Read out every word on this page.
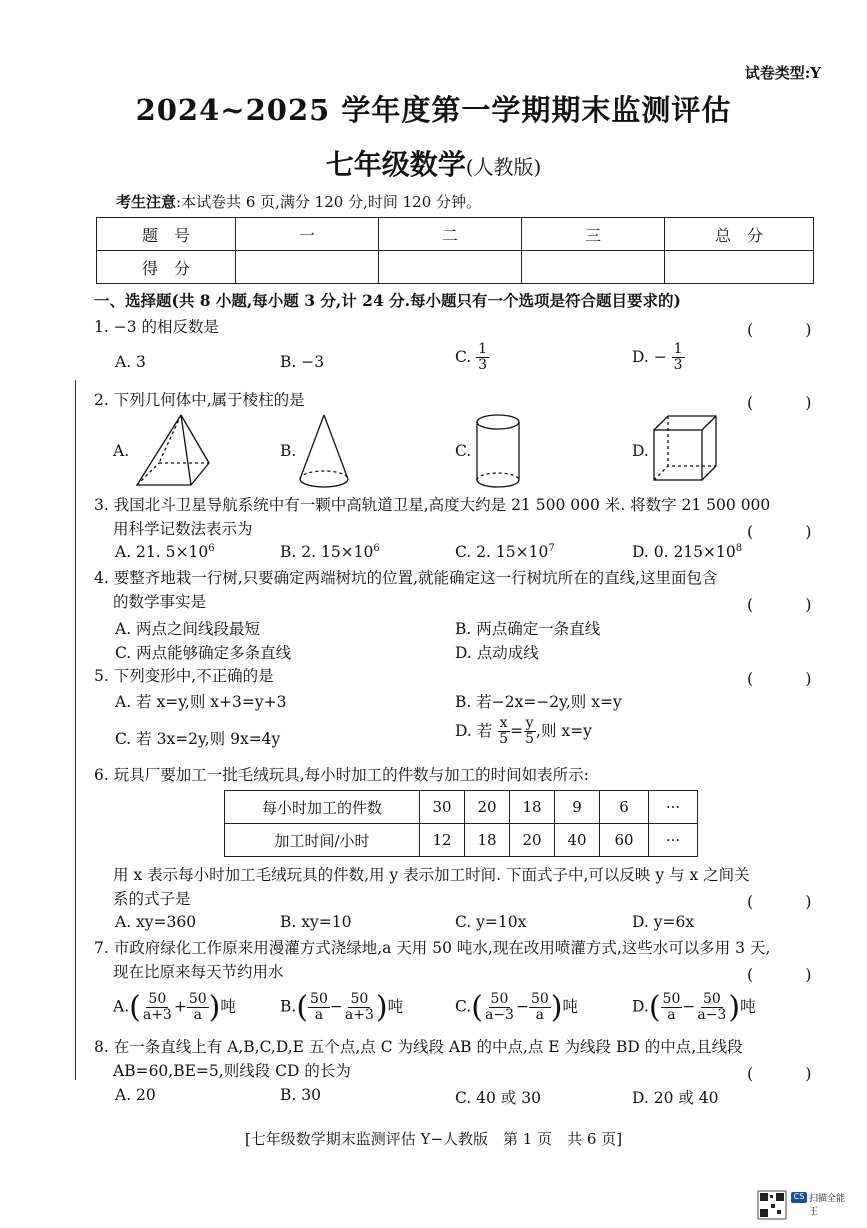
试卷类型:Y
2024~2025 学年度第一学期期末监测评估
七年级数学(人教版)
考生注意:本试卷共 6 页,满分 120 分,时间 120 分钟。
题　号	一	二	三	总　分
得　分				
一、选择题(共 8 小题,每小题 3 分,计 24 分.每小题只有一个选项是符合题目要求的)
1. −3 的相反数是	(　)
A. 3	B. −3	C. $\frac{1}{3}$	D. − $\frac{1}{3}$
2. 下列几何体中,属于棱柱的是	(　)
A.	B.	C.	D.
3. 我国北斗卫星导航系统中有一颗中高轨道卫星,高度大约是 21 500 000 米. 将数字 21 500 000
用科学记数法表示为	(　)
A. 21. $5\times 10^6$	B. 2. $15\times 10^6$	C. 2. $15\times 10^7$	D. 0. $215\times 10^8$
4. 要整齐地栽一行树,只要确定两端树坑的位置,就能确定这一行树坑所在的直线,这里面包含
的数学事实是	(　)
A. 两点之间线段最短	B. 两点确定一条直线
C. 两点能够确定多条直线	D. 点动成线
5. 下列变形中,不正确的是	(　)
A. 若 x=y,则 x+3=y+3	B. 若−2x=−2y,则 x=y
C. 若 3x=2y,则 9x=4y	D. 若 $\frac{x}{5} = \frac{y}{5}$ ,则 x=y
6. 玩具厂要加工一批毛绒玩具,每小时加工的件数与加工的时间如表所示:
每小时加工的件数	30	20	18	9	6	···
加工时间/小时	12	18	20	40	60	···
用 x 表示每小时加工毛绒玩具的件数,用 y 表示加工时间. 下面式子中,可以反映 y 与 x 之间关
系的式子是	(　)
A. xy=360	B. xy=10	C. y=10x	D. y=6x
7. 市政府绿化工作原来用漫灌方式浇绿地,a 天用 50 吨水,现在改用喷灌方式,这些水可以多用 3 天,
现在比原来每天节约用水	(　)
$A.( \frac{50}{a+3} + \frac{50}{a}$ )吨	$B.( \frac{50}{a} - \frac{50}{a+3}$ )吨	$C.( \frac{50}{a-3} - \frac{50}{a}$ )吨	$D.( \frac{50}{a} - \frac{50}{a-3}$ )吨
8. 在一条直线上有 A,B,C,D,E 五个点,点 C 为线段 AB 的中点,点 E 为线段 BD 的中点,且线段
AB=60,BE=5,则线段 CD 的长为	(　)
A. 20	B. 30	C. 40 或 30	D. 20 或 40
[七年级数学期末监测评估 Y−人教版　第 1 页　共 6 页]
CS 扫描全能王
